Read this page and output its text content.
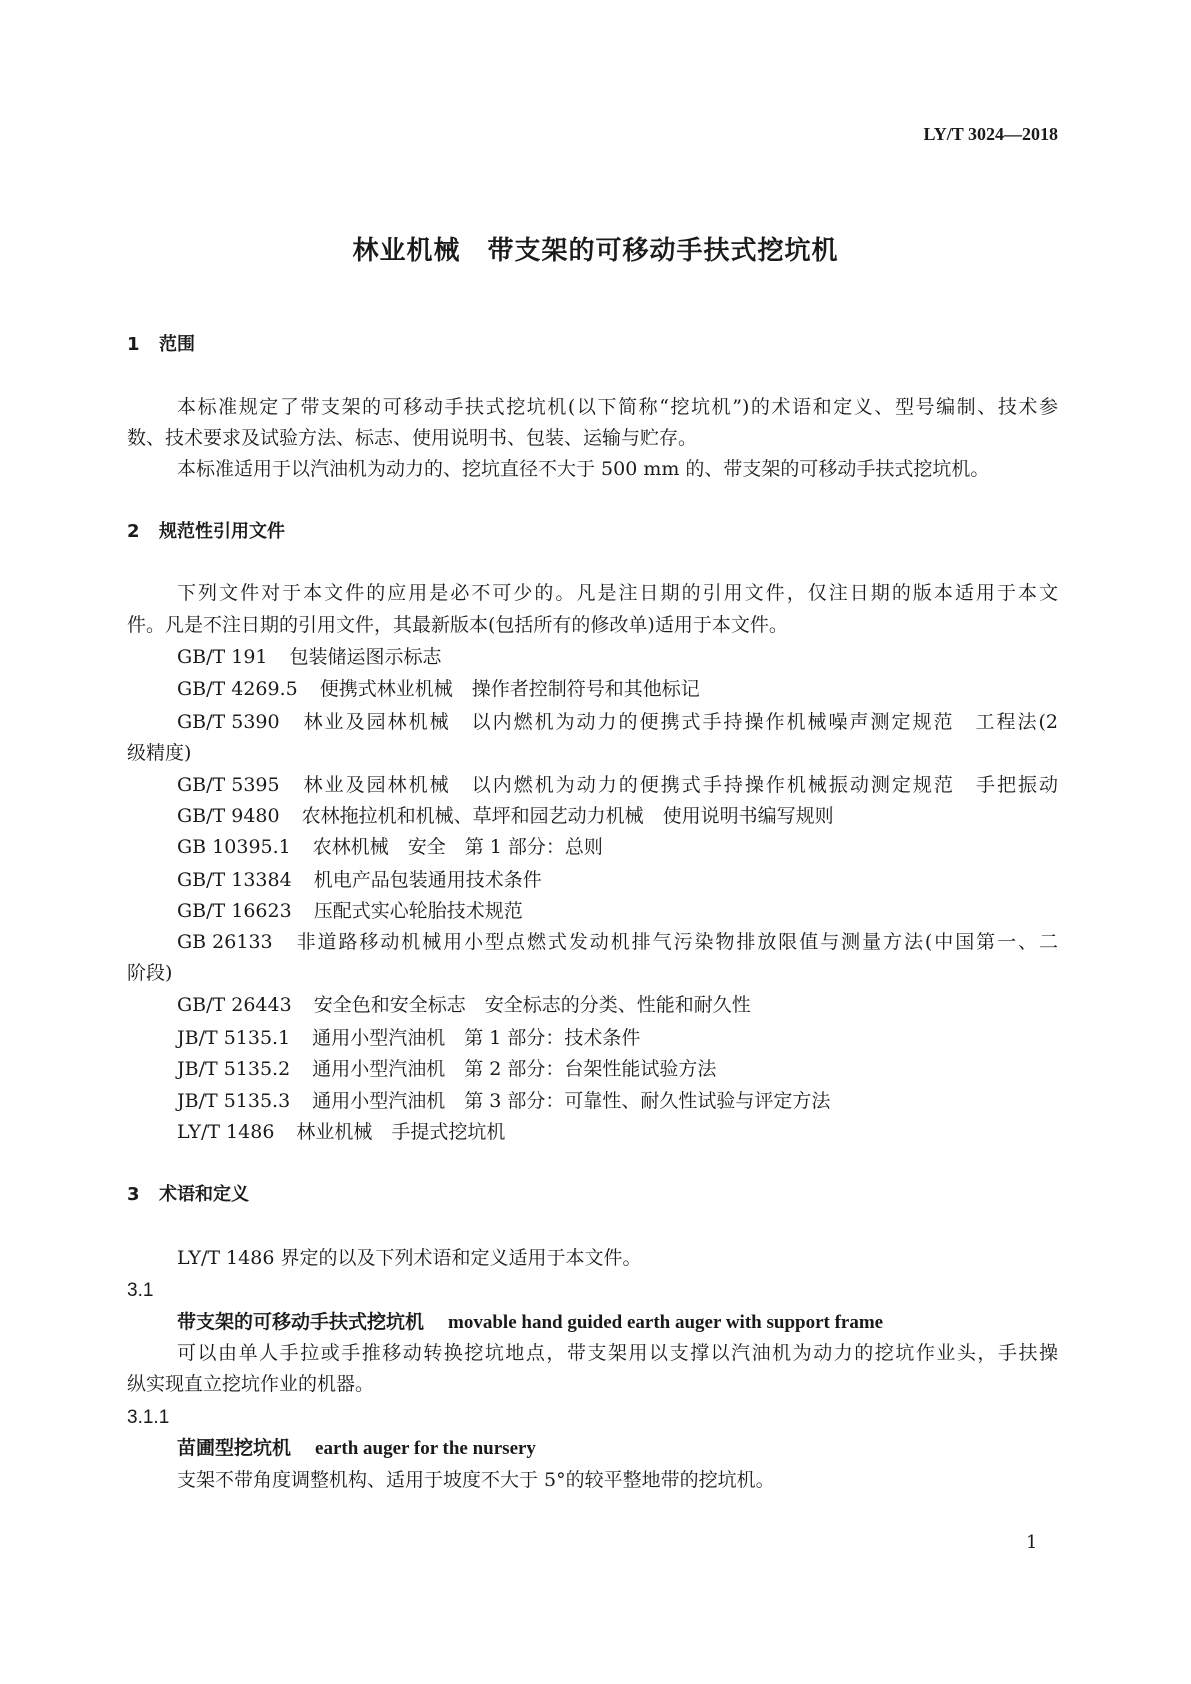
LY/T 3024—2018
林业机械　带支架的可移动手扶式挖坑机
1 范围
本标准规定了带支架的可移动手扶式挖坑机(以下简称“挖坑机”)的术语和定义、型号编制、技术参
数、技术要求及试验方法、标志、使用说明书、包装、运输与贮存。
本标准适用于以汽油机为动力的、挖坑直径不大于 500 mm 的、带支架的可移动手扶式挖坑机。
2 规范性引用文件
下列文件对于本文件的应用是必不可少的。凡是注日期的引用文件，仅注日期的版本适用于本文
件。凡是不注日期的引用文件，其最新版本(包括所有的修改单)适用于本文件。
GB/T 191 包装储运图示标志
GB/T 4269.5 便携式林业机械　操作者控制符号和其他标记
GB/T 5390 林业及园林机械　以内燃机为动力的便携式手持操作机械噪声测定规范　工程法(2
级精度)
GB/T 5395 林业及园林机械　以内燃机为动力的便携式手持操作机械振动测定规范　手把振动
GB/T 9480 农林拖拉机和机械、草坪和园艺动力机械　使用说明书编写规则
GB 10395.1 农林机械　安全　第 1 部分：总则
GB/T 13384 机电产品包装通用技术条件
GB/T 16623 压配式实心轮胎技术规范
GB 26133 非道路移动机械用小型点燃式发动机排气污染物排放限值与测量方法(中国第一、二
阶段)
GB/T 26443 安全色和安全标志　安全标志的分类、性能和耐久性
JB/T 5135.1 通用小型汽油机　第 1 部分：技术条件
JB/T 5135.2 通用小型汽油机　第 2 部分：台架性能试验方法
JB/T 5135.3 通用小型汽油机　第 3 部分：可靠性、耐久性试验与评定方法
LY/T 1486 林业机械　手提式挖坑机
3 术语和定义
LY/T 1486 界定的以及下列术语和定义适用于本文件。
3.1
带支架的可移动手扶式挖坑机 movable hand guided earth auger with support frame
可以由单人手拉或手推移动转换挖坑地点，带支架用以支撑以汽油机为动力的挖坑作业头，手扶操
纵实现直立挖坑作业的机器。
3.1.1
苗圃型挖坑机 earth auger for the nursery
支架不带角度调整机构、适用于坡度不大于 5°的较平整地带的挖坑机。
1
